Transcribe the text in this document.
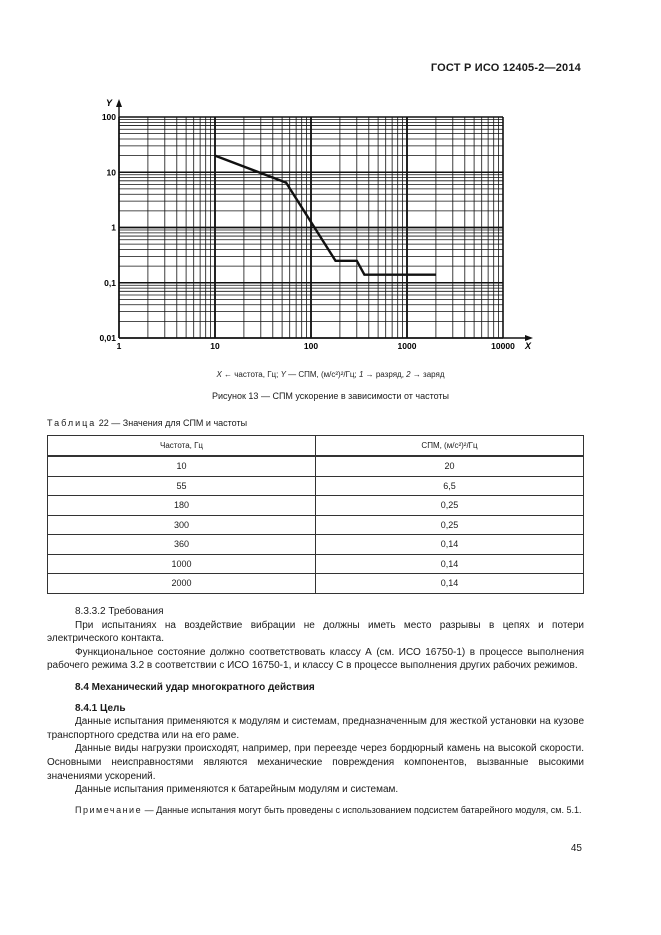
ГОСТ Р ИСО 12405-2—2014
X
Y
1	10	100	1000	10000
0,01
0,1
1
10
100
X ← частота, Гц; Y — СПМ, (м/с²)²/Гц; 1 → разряд, 2 → заряд
Рисунок 13 — СПМ ускорение в зависимости от частоты
Таблица 22 — Значения для СПМ и частоты
Частота, Гц	СПМ, (м/с²)²/Гц
10	20
55	6,5
180	0,25
300	0,25
360	0,14
1000	0,14
2000	0,14

8.3.3.2 Требования

При испытаниях на воздействие вибрации не должны иметь место разрывы в цепях и потери электрического контакта.

Функциональное состояние должно соответствовать классу А (см. ИСО 16750-1) в процессе выполнения рабочего режима 3.2 в соответствии с ИСО 16750-1, и классу С в процессе выполнения других рабочих режимов.

8.4 Механический удар многократного действия

8.4.1 Цель

Данные испытания применяются к модулям и системам, предназначенным для жесткой установки на кузове транспортного средства или на его раме.

Данные виды нагрузки происходят, например, при переезде через бордюрный камень на высокой скорости. Основными неисправностями являются механические повреждения компонентов, вызванные высокими значениями ускорений.

Данные испытания применяются к батарейным модулям и системам.

Примечание — Данные испытания могут быть проведены с использованием подсистем батарейного модуля, см. 5.1.

45
